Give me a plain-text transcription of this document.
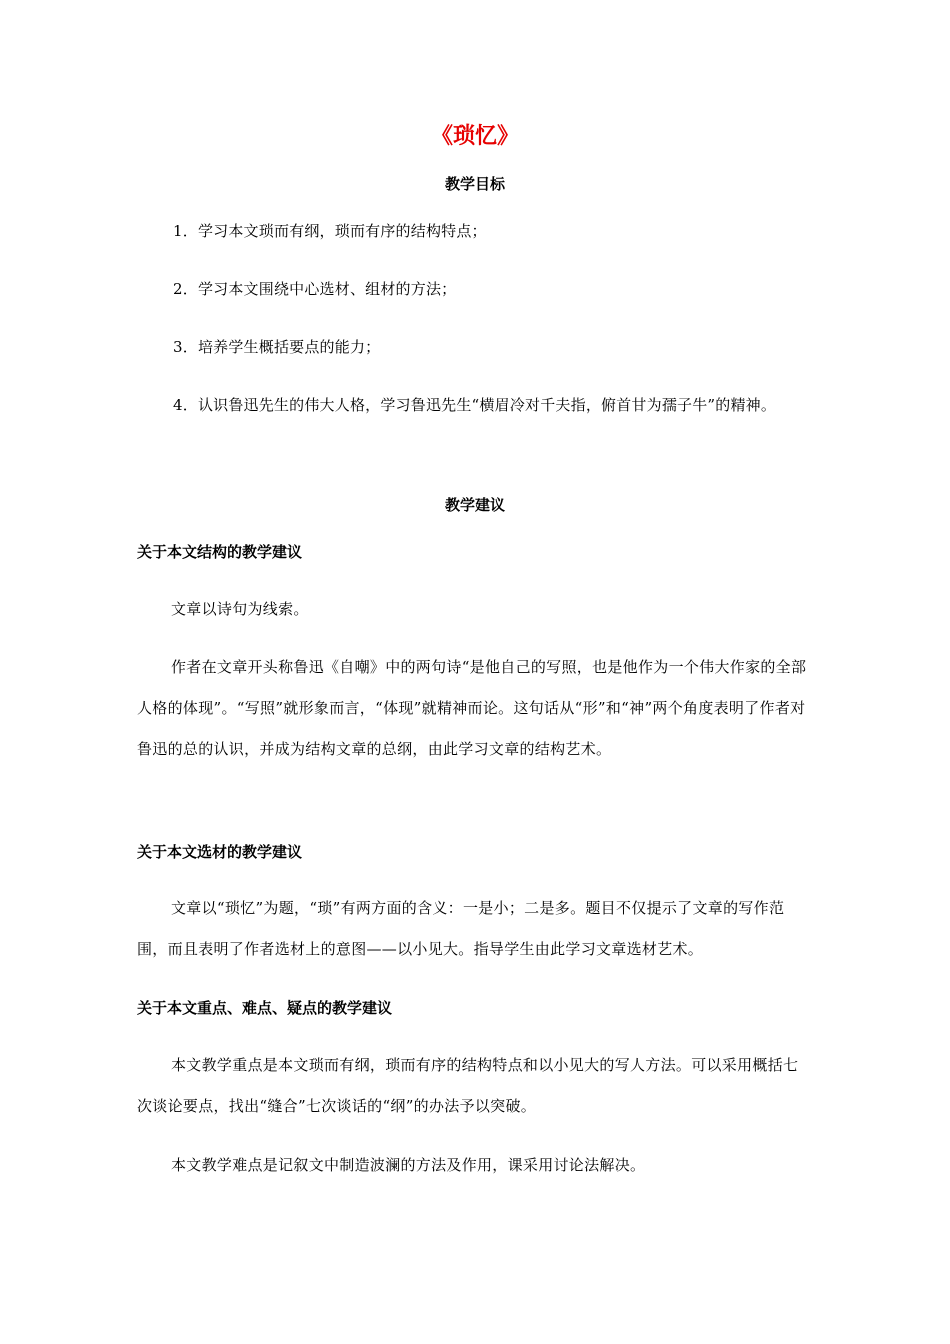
《琐忆》
教学目标
1．学习本文琐而有纲，琐而有序的结构特点；
2．学习本文围绕中心选材、组材的方法；
3．培养学生概括要点的能力；
4．认识鲁迅先生的伟大人格，学习鲁迅先生“横眉冷对千夫指，俯首甘为孺子牛”的精神。
教学建议
关于本文结构的教学建议
文章以诗句为线索。
作者在文章开头称鲁迅《自嘲》中的两句诗“是他自己的写照，也是他作为一个伟大作家的全部人格的体现”。“写照”就形象而言，“体现”就精神而论。这句话从“形”和“神”两个角度表明了作者对鲁迅的总的认识，并成为结构文章的总纲，由此学习文章的结构艺术。
关于本文选材的教学建议
文章以“琐忆”为题，“琐”有两方面的含义：一是小；二是多。题目不仅提示了文章的写作范围，而且表明了作者选材上的意图——以小见大。指导学生由此学习文章选材艺术。
关于本文重点、难点、疑点的教学建议
本文教学重点是本文琐而有纲，琐而有序的结构特点和以小见大的写人方法。可以采用概括七次谈论要点，找出“缝合”七次谈话的“纲”的办法予以突破。
本文教学难点是记叙文中制造波澜的方法及作用，课采用讨论法解决。
